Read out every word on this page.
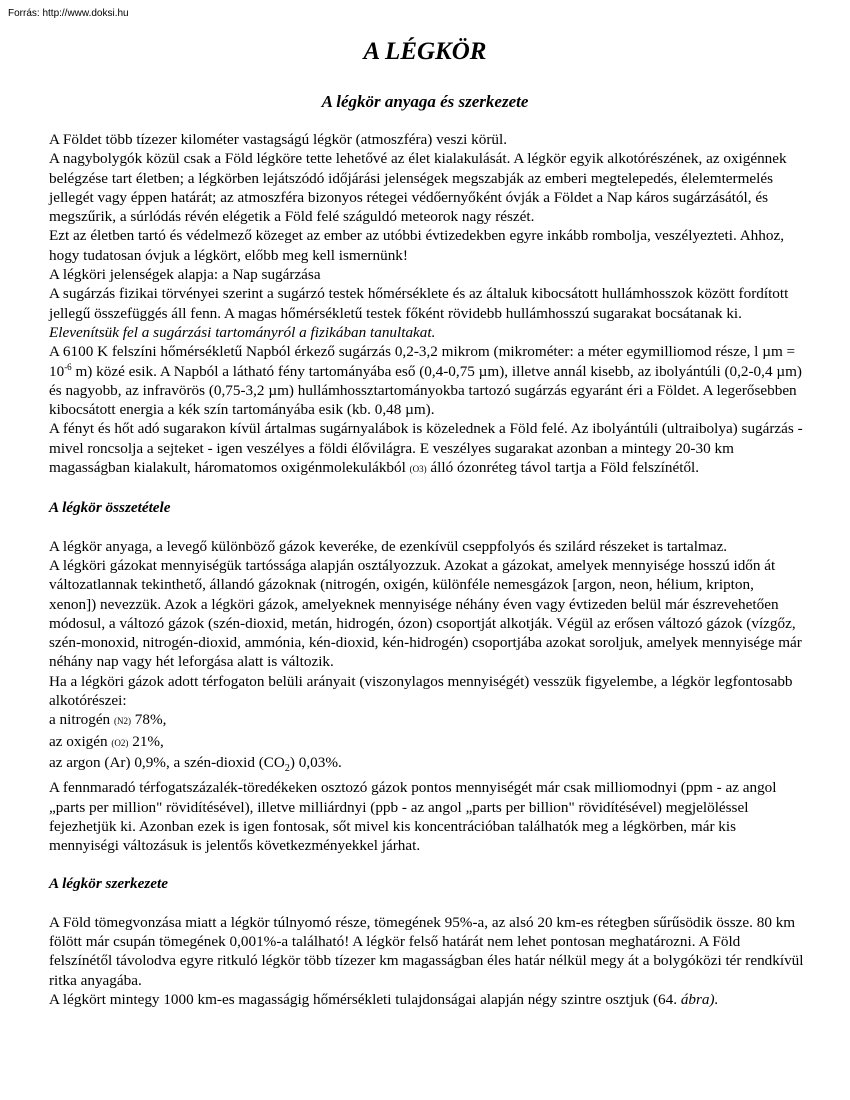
Forrás: http://www.doksi.hu
A LÉGKÖR
A légkör anyaga és szerkezete

A Földet több tízezer kilométer vastagságú légkör (atmoszféra) veszi körül.

A nagybolygók közül csak a Föld légköre tette lehetővé az élet kialakulását. A légkör egyik alkotórészének, az oxigénnek belégzése tart életben; a légkörben lejátszódó időjárási jelenségek megszabják az emberi megtelepedés, élelemtermelés jellegét vagy éppen határát; az atmoszféra bizonyos rétegei védőernyőként óvják a Földet a Nap káros sugárzásától, és megszűrik, a súrlódás révén elégetik a Föld felé száguldó meteorok nagy részét.

Ezt az életben tartó és védelmező közeget az ember az utóbbi évtizedekben egyre inkább rombolja, veszélyezteti. Ahhoz, hogy tudatosan óvjuk a légkört, előbb meg kell ismernünk!

A légköri jelenségek alapja: a Nap sugárzása

A sugárzás fizikai törvényei szerint a sugárzó testek hőmérséklete és az általuk kibocsátott hullámhosszok között fordított jellegű összefüggés áll fenn. A magas hőmérsékletű testek főként rövidebb hullámhosszú sugarakat bocsátanak ki.

Elevenítsük fel a sugárzási tartományról a fizikában tanultakat.

A 6100 K felszíni hőmérsékletű Napból érkező sugárzás 0,2-3,2 mikrom (mikrométer: a méter egymilliomod része, l $\mu m = 10^{-6}$ m) közé esik. A Napból a látható fény tartományába eső (0,4-0,75 µm), illetve annál kisebb, az ibolyántúli (0,2-0,4 µm) és nagyobb, az infravörös (0,75-3,2 µm) hullámhossztartományokba tartozó sugárzás egyaránt éri a Földet. A legerősebben kibocsátott energia a kék szín tartományába esik (kb. 0,48 µm).

A fényt és hőt adó sugarakon kívül ártalmas sugárnyalábok is közelednek a Föld felé. Az ibolyántúli (ultraibolya) sugárzás - mivel roncsolja a sejteket - igen veszélyes a földi élővilágra. E veszélyes sugarakat azonban a mintegy 20-30 km magasságban kialakult, háromatomos oxigénmolekulákból (O3) álló ózonréteg távol tartja a Föld felszínétől.

A légkör összetétele

A légkör anyaga, a levegő különböző gázok keveréke, de ezenkívül cseppfolyós és szilárd részeket is tartalmaz.

A légköri gázokat mennyiségük tartóssága alapján osztályozzuk. Azokat a gázokat, amelyek mennyisége hosszú időn át változatlannak tekinthető, állandó gázoknak (nitrogén, oxigén, különféle nemesgázok [argon, neon, hélium, kripton, xenon]) nevezzük. Azok a légköri gázok, amelyeknek mennyisége néhány éven vagy évtizeden belül már észrevehetően módosul, a változó gázok (szén-dioxid, metán, hidrogén, ózon) csoportját alkotják. Végül az erősen változó gázok (vízgőz, szén-monoxid, nitrogén-dioxid, ammónia, kén-dioxid, kén-hidrogén) csoportjába azokat soroljuk, amelyek mennyisége már néhány nap vagy hét leforgása alatt is változik.

Ha a légköri gázok adott térfogaton belüli arányait (viszonylagos mennyiségét) vesszük figyelembe, a légkör legfontosabb alkotórészei:

a nitrogén (N2) 78%,

az oxigén (O2) 21%,

az argon (Ar) 0,9%, a szén-dioxid $(CO_2)$ 0,03%.

A fennmaradó térfogatszázalék-töredékeken osztozó gázok pontos mennyiségét már csak milliomodnyi (ppm - az angol „parts per million" rövidítésével), illetve milliárdnyi (ppb - az angol „parts per billion" rövidítésével) megjelöléssel fejezhetjük ki. Azonban ezek is igen fontosak, sőt mivel kis koncentrációban találhatók meg a légkörben, már kis mennyiségi változásuk is jelentős következményekkel járhat.

A légkör szerkezete

A Föld tömegvonzása miatt a légkör túlnyomó része, tömegének 95%-a, az alsó 20 km-es rétegben sűrűsödik össze. 80 km fölött már csupán tömegének 0,001%-a található! A légkör felső határát nem lehet pontosan meghatározni. A Föld felszínétől távolodva egyre ritkuló légkör több tízezer km magasságban éles határ nélkül megy át a bolygóközi tér rendkívül ritka anyagába.

A légkört mintegy 1000 km-es magasságig hőmérsékleti tulajdonságai alapján négy szintre osztjuk (64. ábra).
